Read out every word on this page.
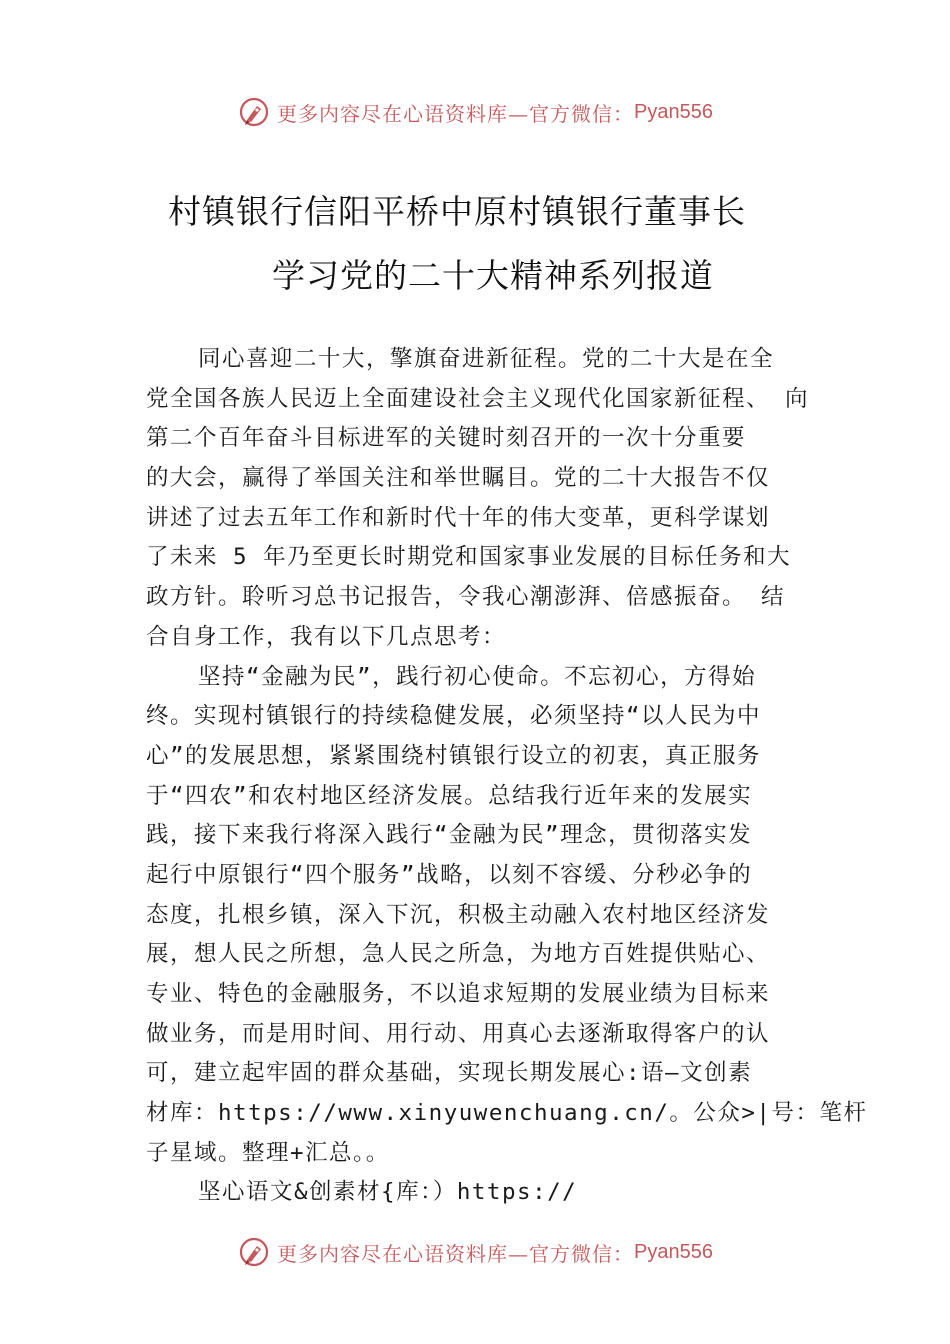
更多内容尽在心语资料库—官方微信： Pyan556
村镇银行信阳平桥中原村镇银行董事长
学习党的二十大精神系列报道
同心喜迎二十大，擎旗奋进新征程。党的二十大是在全
党全国各族人民迈上全面建设社会主义现代化国家新征程、 向
第二个百年奋斗目标进军的关键时刻召开的一次十分重要
的大会，赢得了举国关注和举世瞩目。党的二十大报告不仅
讲述了过去五年工作和新时代十年的伟大变革，更科学谋划
了未来 5 年乃至更长时期党和国家事业发展的目标任务和大
政方针。聆听习总书记报告，令我心潮澎湃、倍感振奋。 结
合自身工作，我有以下几点思考：
坚持“金融为民”，践行初心使命。不忘初心，方得始
终。实现村镇银行的持续稳健发展，必须坚持“以人民为中
心”的发展思想，紧紧围绕村镇银行设立的初衷，真正服务
于“四农”和农村地区经济发展。总结我行近年来的发展实
践，接下来我行将深入践行“金融为民”理念，贯彻落实发
起行中原银行“四个服务”战略，以刻不容缓、分秒必争的
态度，扎根乡镇，深入下沉，积极主动融入农村地区经济发
展，想人民之所想，急人民之所急，为地方百姓提供贴心、
专业、特色的金融服务，不以追求短期的发展业绩为目标来
做业务，而是用时间、用行动、用真心去逐渐取得客户的认
可，建立起牢固的群众基础，实现长期发展心:语—文创素
材库：https://www.xinyuwenchuang.cn/。公众>|号：笔杆
子星域。整理+汇总。。
坚心语文&创素材{库：）https://
更多内容尽在心语资料库—官方微信： Pyan556
